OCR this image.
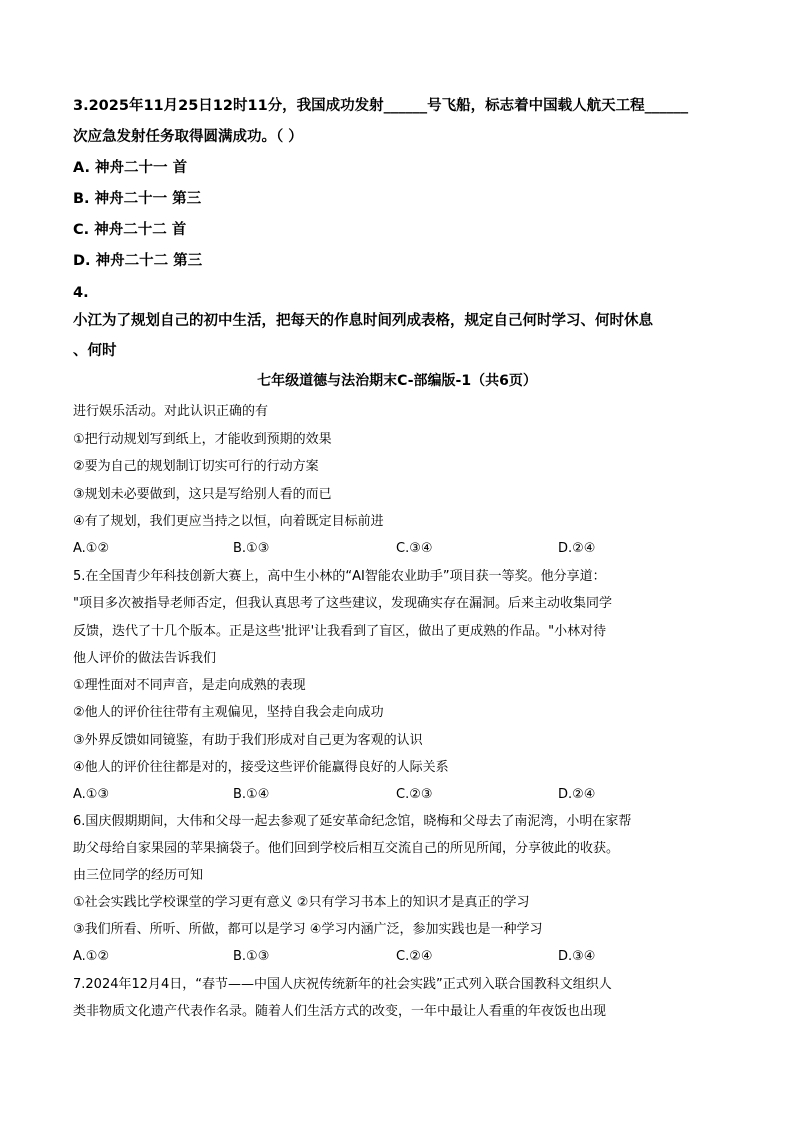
3.2025年11月25日12时11分，我国成功发射______号飞船，标志着中国载人航天工程______
次应急发射任务取得圆满成功。（ ）
A. 神舟二十一 首
B. 神舟二十一 第三
C. 神舟二十二 首
D. 神舟二十二 第三
4.
小江为了规划自己的初中生活，把每天的作息时间列成表格，规定自己何时学习、何时休息
、何时
七年级道德与法治期末C-部编版-1（共6页）
进行娱乐活动。对此认识正确的有
①把行动规划写到纸上，才能收到预期的效果
②要为自己的规划制订切实可行的行动方案
③规划未必要做到，这只是写给别人看的而已
④有了规划，我们更应当持之以恒，向着既定目标前进
A.①②	B.①③	C.③④	D.②④
5.在全国青少年科技创新大赛上，高中生小林的“AI智能农业助手”项目获一等奖。他分享道：
"项目多次被指导老师否定，但我认真思考了这些建议，发现确实存在漏洞。后来主动收集同学
反馈，迭代了十几个版本。正是这些'批评'让我看到了盲区，做出了更成熟的作品。"小林对待
他人评价的做法告诉我们
①理性面对不同声音，是走向成熟的表现
②他人的评价往往带有主观偏见，坚持自我会走向成功
③外界反馈如同镜鉴，有助于我们形成对自己更为客观的认识
④他人的评价往往都是对的，接受这些评价能赢得良好的人际关系
A.①③	B.①④	C.②③	D.②④
6.国庆假期期间，大伟和父母一起去参观了延安革命纪念馆，晓梅和父母去了南泥湾，小明在家帮
助父母给自家果园的苹果摘袋子。他们回到学校后相互交流自己的所见所闻，分享彼此的收获。
由三位同学的经历可知
①社会实践比学校课堂的学习更有意义 ②只有学习书本上的知识才是真正的学习
③我们所看、所听、所做，都可以是学习 ④学习内涵广泛，参加实践也是一种学习
A.①②	B.①③	C.②④	D.③④
7.2024年12月4日，“春节——中国人庆祝传统新年的社会实践”正式列入联合国教科文组织人
类非物质文化遗产代表作名录。随着人们生活方式的改变，一年中最让人看重的年夜饭也出现
